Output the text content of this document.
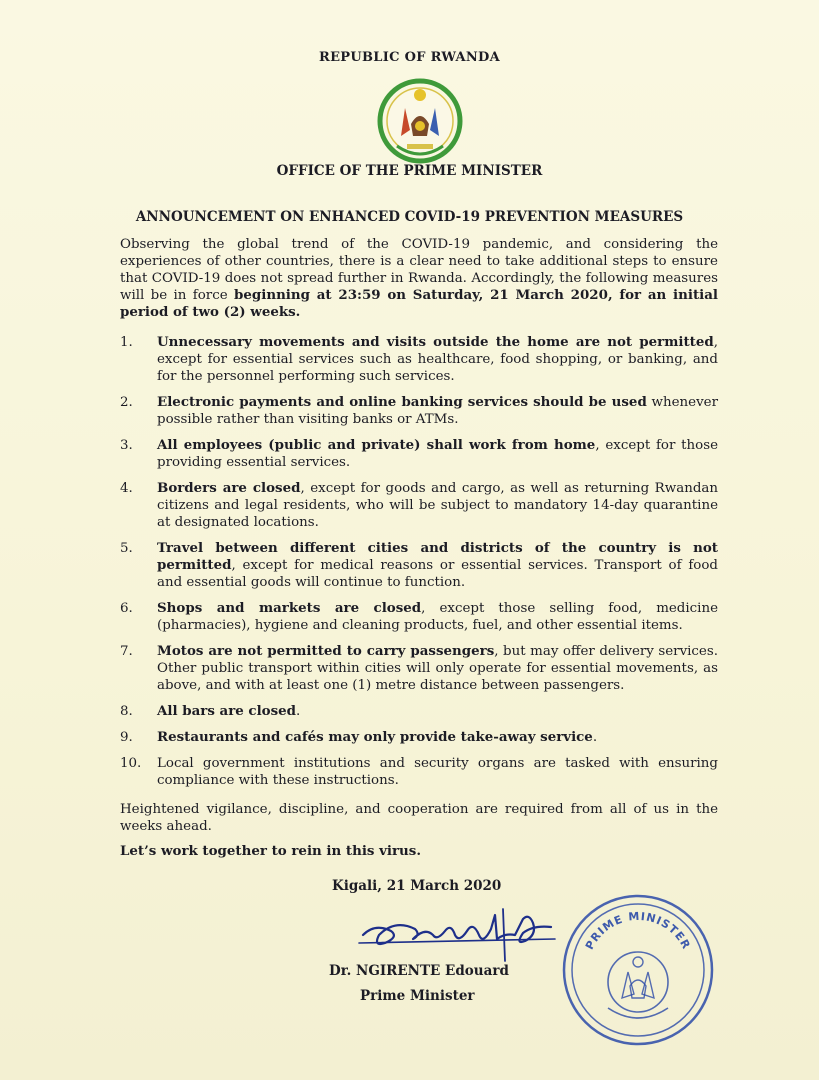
REPUBLIC OF RWANDA
OFFICE OF THE PRIME MINISTER
ANNOUNCEMENT ON ENHANCED COVID-19 PREVENTION MEASURES

Observing the global trend of the COVID-19 pandemic, and considering the experiences of other countries, there is a clear need to take additional steps to ensure that COVID-19 does not spread further in Rwanda. Accordingly, the following measures will be in force beginning at 23:59 on Saturday, 21 March 2020, for an initial period of two (2) weeks.

1. Unnecessary movements and visits outside the home are not permitted, except for essential services such as healthcare, food shopping, or banking, and for the personnel performing such services.
2. Electronic payments and online banking services should be used whenever possible rather than visiting banks or ATMs.
3. All employees (public and private) shall work from home, except for those providing essential services.
4. Borders are closed, except for goods and cargo, as well as returning Rwandan citizens and legal residents, who will be subject to mandatory 14-day quarantine at designated locations.
5. Travel between different cities and districts of the country is not permitted, except for medical reasons or essential services. Transport of food and essential goods will continue to function.
6. Shops and markets are closed, except those selling food, medicine (pharmacies), hygiene and cleaning products, fuel, and other essential items.
7. Motos are not permitted to carry passengers, but may offer delivery services. Other public transport within cities will only operate for essential movements, as above, and with at least one (1) metre distance between passengers.
8. All bars are closed.
9. Restaurants and cafés may only provide take-away service.
10. Local government institutions and security organs are tasked with ensuring compliance with these instructions.

Heightened vigilance, discipline, and cooperation are required from all of us in the weeks ahead.

Let’s work together to rein in this virus.

Kigali, 21 March 2020
Dr. NGIRENTE Edouard
Prime Minister
PRIME MINISTER
